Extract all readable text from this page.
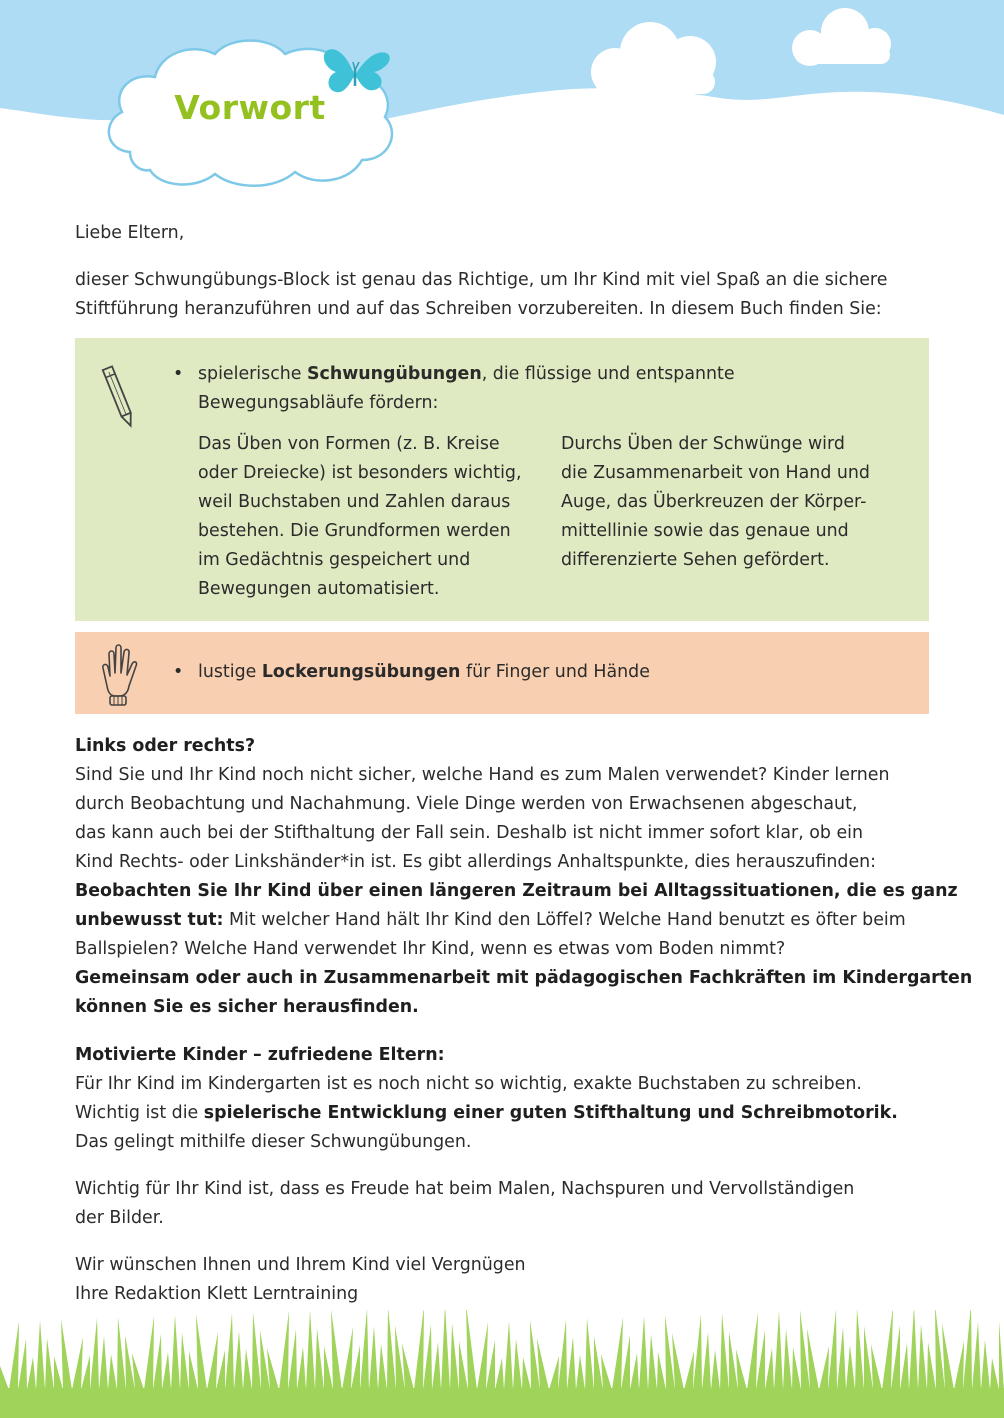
Vorwort

Liebe Eltern,

dieser Schwungübungs-Block ist genau das Richtige, um Ihr Kind mit viel Spaß an die sichere
Stiftführung heranzuführen und auf das Schreiben vorzubereiten. In diesem Buch finden Sie:

• spielerische Schwungübungen, die flüssige und entspannte
Bewegungsabläufe fördern:

Das Üben von Formen (z. B. Kreise
oder Dreiecke) ist besonders wichtig,
weil Buchstaben und Zahlen daraus
bestehen. Die Grundformen werden
im Gedächtnis gespeichert und
Bewegungen automatisiert.

Durchs Üben der Schwünge wird
die Zusammenarbeit von Hand und
Auge, das Überkreuzen der Körper-
mittellinie sowie das genaue und
differenzierte Sehen gefördert.

• lustige Lockerungsübungen für Finger und Hände

Links oder rechts?
Sind Sie und Ihr Kind noch nicht sicher, welche Hand es zum Malen verwendet? Kinder lernen
durch Beobachtung und Nachahmung. Viele Dinge werden von Erwachsenen abgeschaut,
das kann auch bei der Stifthaltung der Fall sein. Deshalb ist nicht immer sofort klar, ob ein
Kind Rechts- oder Linkshänder*in ist. Es gibt allerdings Anhaltspunkte, dies herauszufinden:
Beobachten Sie Ihr Kind über einen längeren Zeitraum bei Alltagssituationen, die es ganz
unbewusst tut: Mit welcher Hand hält Ihr Kind den Löffel? Welche Hand benutzt es öfter beim
Ballspielen? Welche Hand verwendet Ihr Kind, wenn es etwas vom Boden nimmt?
Gemeinsam oder auch in Zusammenarbeit mit pädagogischen Fachkräften im Kindergarten
können Sie es sicher herausfinden.

Motivierte Kinder – zufriedene Eltern:
Für Ihr Kind im Kindergarten ist es noch nicht so wichtig, exakte Buchstaben zu schreiben.
Wichtig ist die spielerische Entwicklung einer guten Stifthaltung und Schreibmotorik.
Das gelingt mithilfe dieser Schwungübungen.

Wichtig für Ihr Kind ist, dass es Freude hat beim Malen, Nachspuren und Vervollständigen
der Bilder.

Wir wünschen Ihnen und Ihrem Kind viel Vergnügen
Ihre Redaktion Klett Lerntraining
